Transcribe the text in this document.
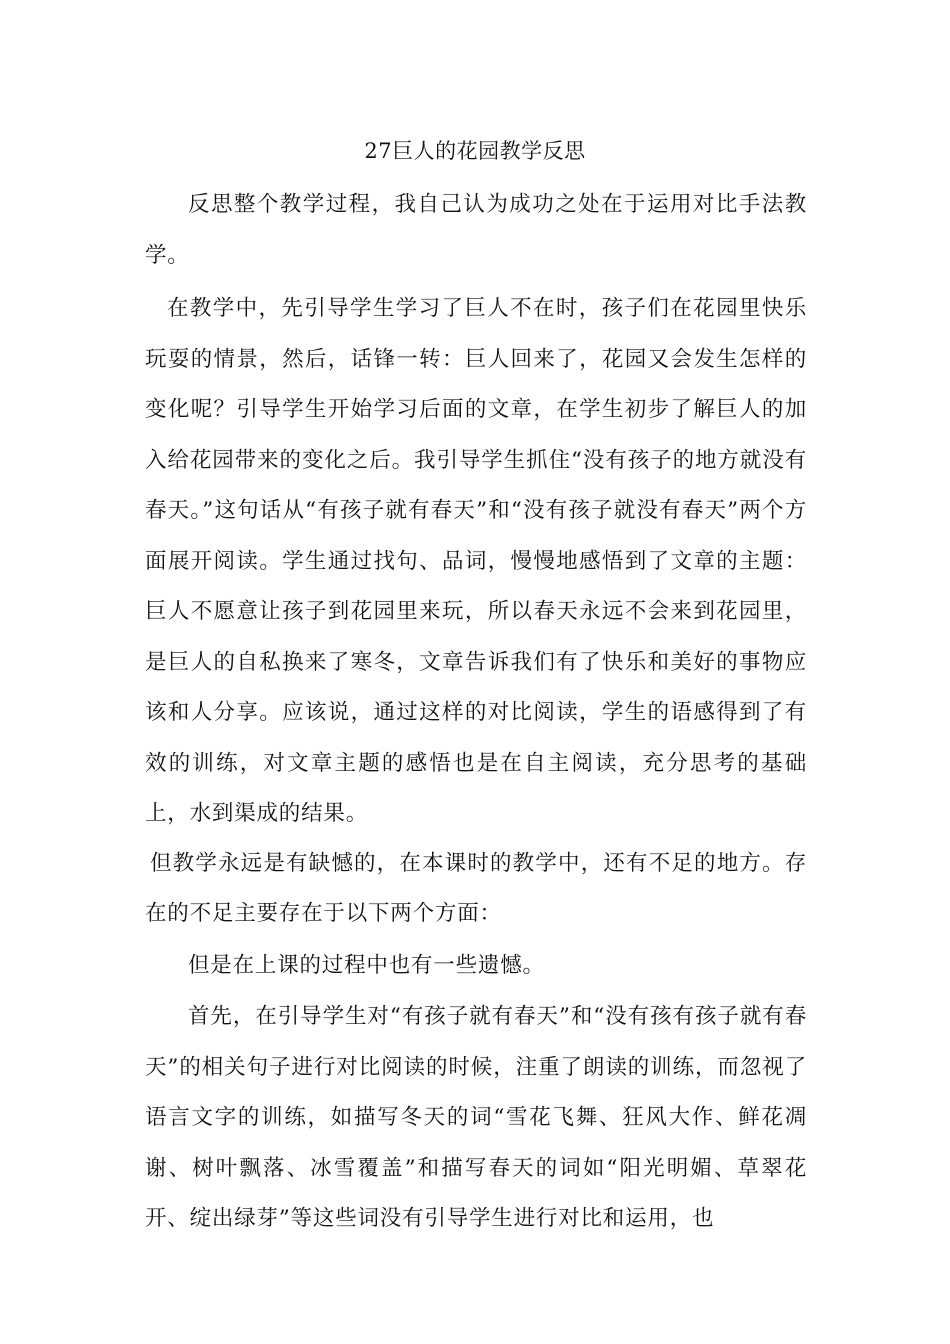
27巨人的花园教学反思

反思整个教学过程，我自己认为成功之处在于运用对比手法教学。

在教学中，先引导学生学习了巨人不在时，孩子们在花园里快乐玩耍的情景，然后，话锋一转：巨人回来了，花园又会发生怎样的变化呢？引导学生开始学习后面的文章，在学生初步了解巨人的加入给花园带来的变化之后。我引导学生抓住“没有孩子的地方就没有春天。”这句话从“有孩子就有春天”和“没有孩子就没有春天”两个方面展开阅读。学生通过找句、品词，慢慢地感悟到了文章的主题：巨人不愿意让孩子到花园里来玩，所以春天永远不会来到花园里，是巨人的自私换来了寒冬，文章告诉我们有了快乐和美好的事物应该和人分享。应该说，通过这样的对比阅读，学生的语感得到了有效的训练，对文章主题的感悟也是在自主阅读，充分思考的基础上，水到渠成的结果。

但教学永远是有缺憾的，在本课时的教学中，还有不足的地方。存在的不足主要存在于以下两个方面：

但是在上课的过程中也有一些遗憾。

首先，在引导学生对“有孩子就有春天”和“没有孩有孩子就有春天”的相关句子进行对比阅读的时候，注重了朗读的训练，而忽视了语言文字的训练，如描写冬天的词“雪花飞舞、狂风大作、鲜花凋谢、树叶飘落、冰雪覆盖”和描写春天的词如“阳光明媚、草翠花开、绽出绿芽”等这些词没有引导学生进行对比和运用，也
